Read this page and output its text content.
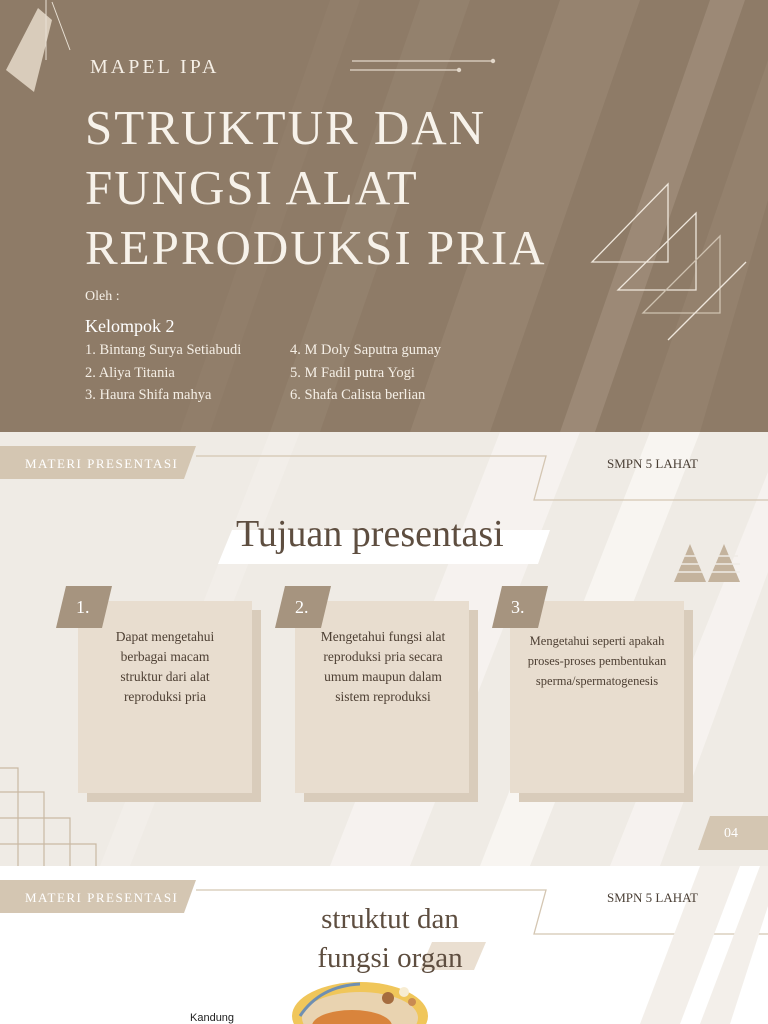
MAPEL IPA
STRUKTUR DAN
FUNGSI ALAT
REPRODUKSI PRIA
Oleh :
Kelompok 2
1. Bintang Surya Setiabudi
2. Aliya Titania
3. Haura Shifa mahya
4. M Doly Saputra gumay
5. M Fadil putra Yogi
6. Shafa Calista berlian
MATERI PRESENTASI	SMPN 5 LAHAT
Tujuan presentasi
1.
Dapat mengetahui berbagai macam struktur dari alat reproduksi pria
2.
Mengetahui fungsi alat reproduksi pria secara umum maupun dalam sistem reproduksi
3.
Mengetahui seperti apakah proses-proses pembentukan sperma/spermatogenesis
04
MATERI PRESENTASI	SMPN 5 LAHAT
struktut dan
fungsi organ
Kandung
